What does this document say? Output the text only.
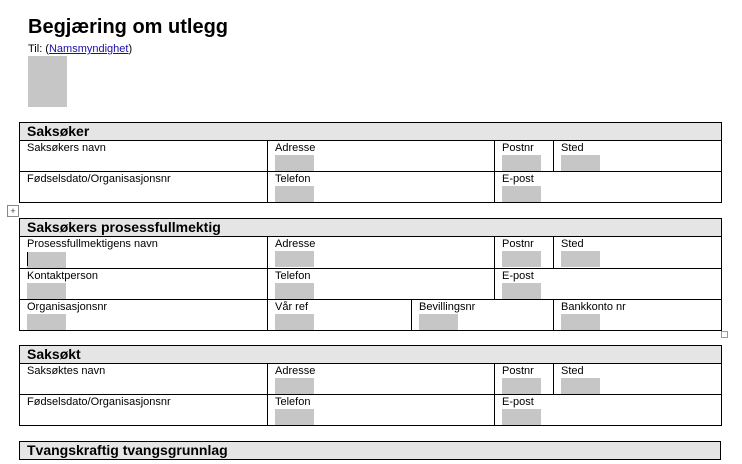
Begjæring om utlegg
Til: (Namsmyndighet)
Saksøker			

Saksøkers navn	Adresse	Postnr	Sted

Fødselsdato/Organisasjonsnr	Telefon	E-post	
+
Saksøkers prosessfullmektig				

Prosessfullmektigens navn	Adresse		Postnr	Sted

Kontaktperson	Telefon		E-post	

Organisasjonsnr	Vår ref	Bevillingsnr		Bankkonto nr
Saksøkt			

Saksøktes navn	Adresse	Postnr	Sted

Fødselsdato/Organisasjonsnr	Telefon	E-post	
Tvangskraftig tvangsgrunnlag
